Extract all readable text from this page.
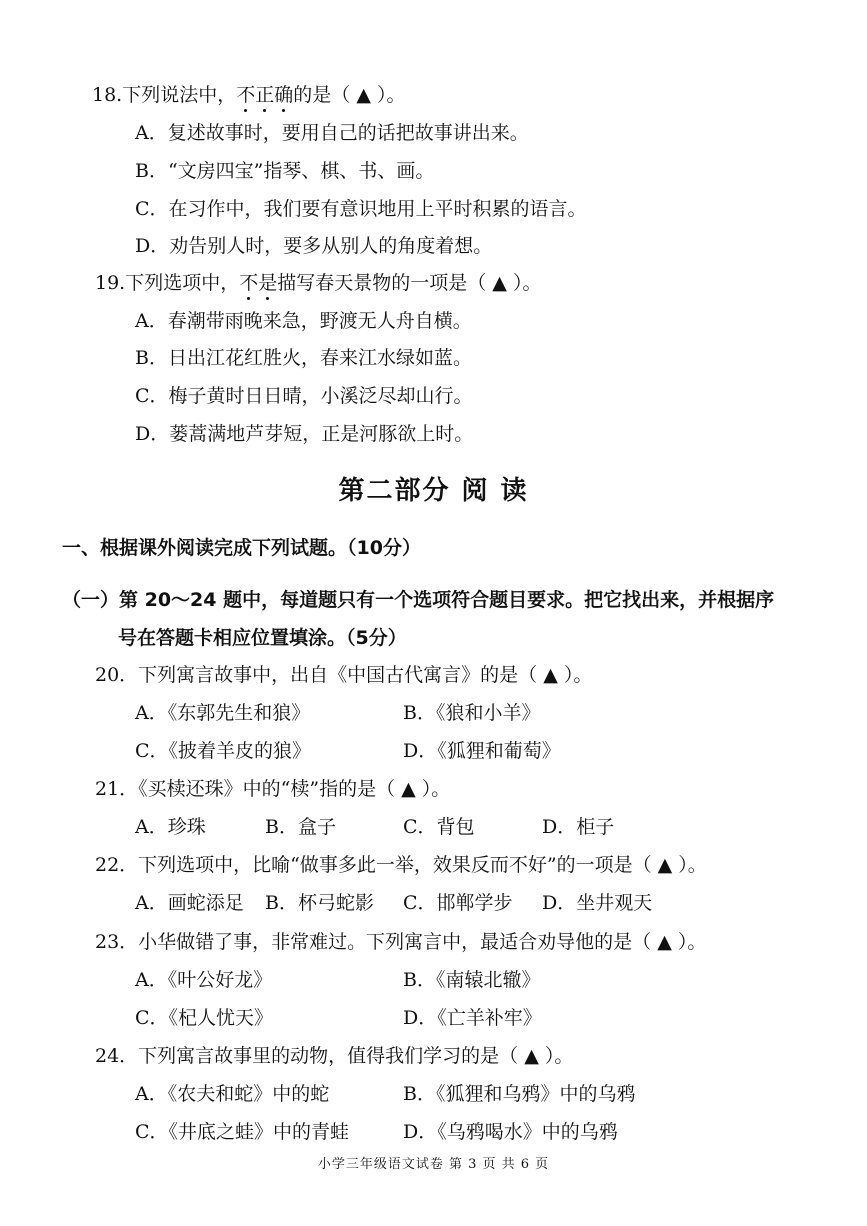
18.下列说法中，不正确的是（ ▲ ）。
A．复述故事时，要用自己的话把故事讲出来。
B．“文房四宝”指琴、棋、书、画。
C．在习作中，我们要有意识地用上平时积累的语言。
D．劝告别人时，要多从别人的角度着想。
19.下列选项中，不是描写春天景物的一项是（ ▲ ）。
A．春潮带雨晚来急，野渡无人舟自横。
B．日出江花红胜火，春来江水绿如蓝。
C．梅子黄时日日晴，小溪泛尽却山行。
D．蒌蒿满地芦芽短，正是河豚欲上时。
第二部分 阅 读
一、根据课外阅读完成下列试题。（10分）
（一）第 20～24 题中，每道题只有一个选项符合题目要求。把它找出来，并根据序
号在答题卡相应位置填涂。（5分）
20．下列寓言故事中，出自《中国古代寓言》的是（ ▲ ）。
A．《东郭先生和狼》	B．《狼和小羊》
C．《披着羊皮的狼》	D．《狐狸和葡萄》
21．《买椟还珠》中的“椟”指的是（ ▲ ）。
A．珍珠	B．盒子	C．背包	D．柜子
22．下列选项中，比喻“做事多此一举，效果反而不好”的一项是（ ▲ ）。
A．画蛇添足 B．杯弓蛇影 C．邯郸学步 D．坐井观天
23．小华做错了事，非常难过。下列寓言中，最适合劝导他的是（ ▲ ）。
A．《叶公好龙》	B．《南辕北辙》
C．《杞人忧天》	D．《亡羊补牢》
24．下列寓言故事里的动物，值得我们学习的是（ ▲ ）。
A．《农夫和蛇》中的蛇	B．《狐狸和乌鸦》中的乌鸦
C．《井底之蛙》中的青蛙	D．《乌鸦喝水》中的乌鸦
小学三年级语文试卷 第 3 页 共 6 页
